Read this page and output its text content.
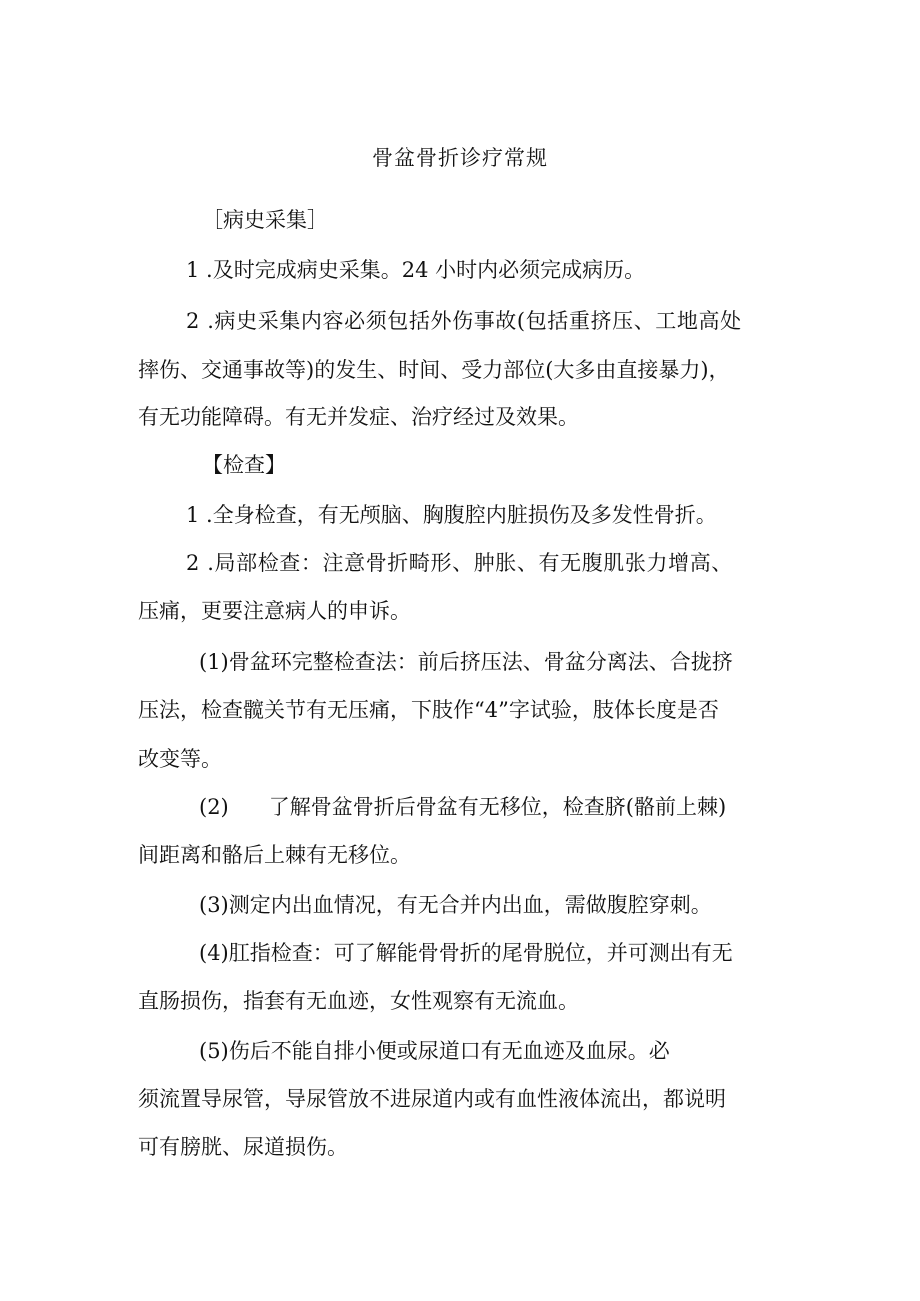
骨盆骨折诊疗常规
［病史采集］
1 .及时完成病史采集。24 小时内必须完成病历。
2 .病史采集内容必须包括外伤事故(包括重挤压、工地高处
摔伤、交通事故等)的发生、时间、受力部位(大多由直接暴力)，
有无功能障碍。有无并发症、治疗经过及效果。
【检查】
1 .全身检查，有无颅脑、胸腹腔内脏损伤及多发性骨折。
2 .局部检查：注意骨折畸形、肿胀、有无腹肌张力增高、
压痛，更要注意病人的申诉。
(1)骨盆环完整检查法：前后挤压法、骨盆分离法、合拢挤
压法，检查髋关节有无压痛，下肢作“4”字试验，肢体长度是否
改变等。
(2) 了解骨盆骨折后骨盆有无移位，检查脐(骼前上棘)
间距离和骼后上棘有无移位。
(3)测定内出血情况，有无合并内出血，需做腹腔穿刺。
(4)肛指检查：可了解能骨骨折的尾骨脱位，并可测出有无
直肠损伤，指套有无血迹，女性观察有无流血。
(5)伤后不能自排小便或尿道口有无血迹及血尿。必
须流置导尿管，导尿管放不进尿道内或有血性液体流出，都说明
可有膀胱、尿道损伤。
